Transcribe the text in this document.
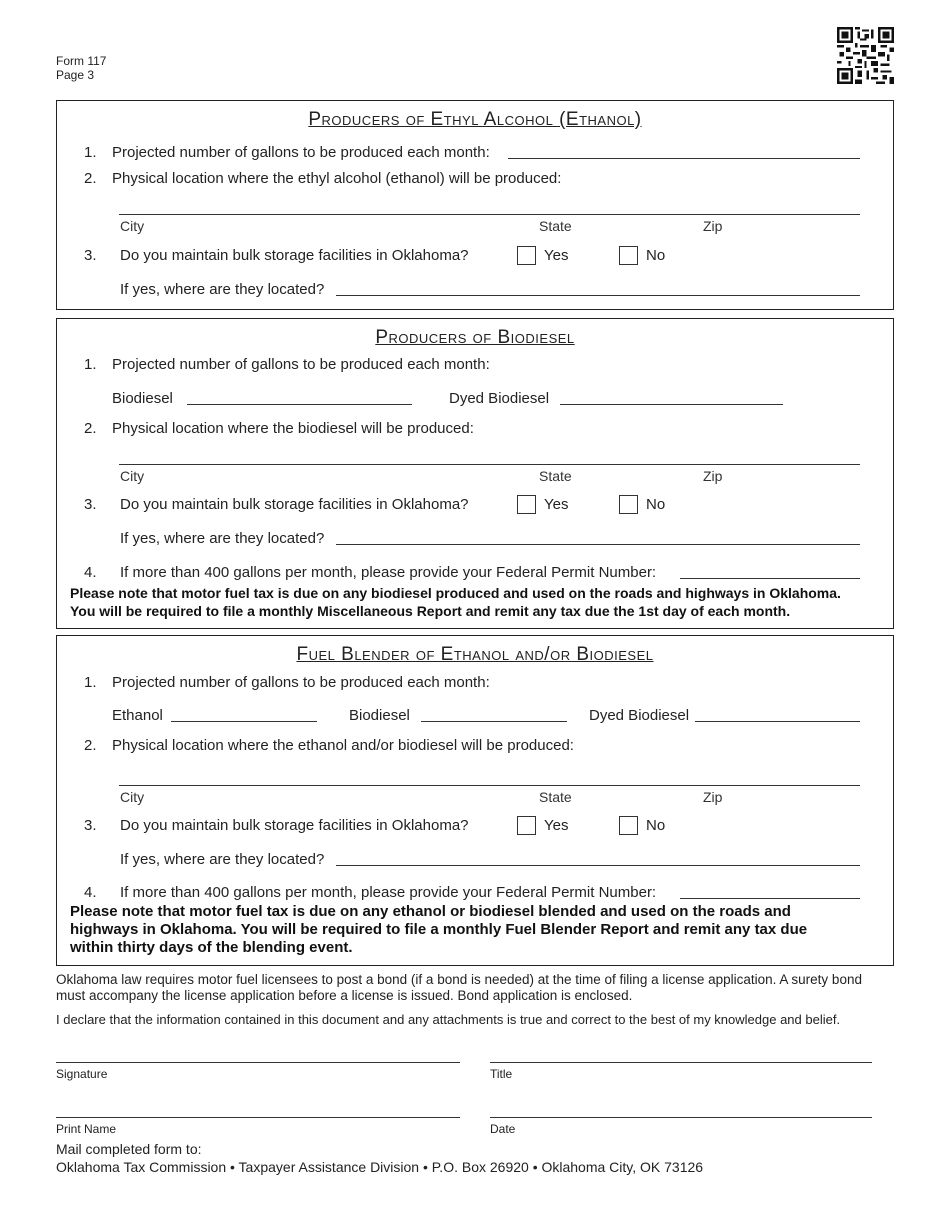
Form 117
Page 3
Producers of Ethyl Alcohol (Ethanol)
1. Projected number of gallons to be produced each month:
2. Physical location where the ethyl alcohol (ethanol) will be produced:
City	State	Zip
3. Do you maintain bulk storage facilities in Oklahoma?	Yes	No
If yes, where are they located?
Producers of Biodiesel
1. Projected number of gallons to be produced each month:
Biodiesel	Dyed Biodiesel
2. Physical location where the biodiesel will be produced:
City	State	Zip
3. Do you maintain bulk storage facilities in Oklahoma?	Yes	No
If yes, where are they located?
4. If more than 400 gallons per month, please provide your Federal Permit Number:
Please note that motor fuel tax is due on any biodiesel produced and used on the roads and highways in Oklahoma.
You will be required to file a monthly Miscellaneous Report and remit any tax due the 1st day of each month.
Fuel Blender of Ethanol and/or Biodiesel
1. Projected number of gallons to be produced each month:
Ethanol	Biodiesel	Dyed Biodiesel
2. Physical location where the ethanol and/or biodiesel will be produced:
City	State	Zip
3. Do you maintain bulk storage facilities in Oklahoma?	Yes	No
If yes, where are they located?
4. If more than 400 gallons per month, please provide your Federal Permit Number:
Please note that motor fuel tax is due on any ethanol or biodiesel blended and used on the roads and
highways in Oklahoma. You will be required to file a monthly Fuel Blender Report and remit any tax due
within thirty days of the blending event.
Oklahoma law requires motor fuel licensees to post a bond (if a bond is needed) at the time of filing a license application. A surety bond
must accompany the license application before a license is issued. Bond application is enclosed.
I declare that the information contained in this document and any attachments is true and correct to the best of my knowledge and belief.
Signature	Title
Print Name	Date
Mail completed form to:
Oklahoma Tax Commission • Taxpayer Assistance Division • P.O. Box 26920 • Oklahoma City, OK 73126
